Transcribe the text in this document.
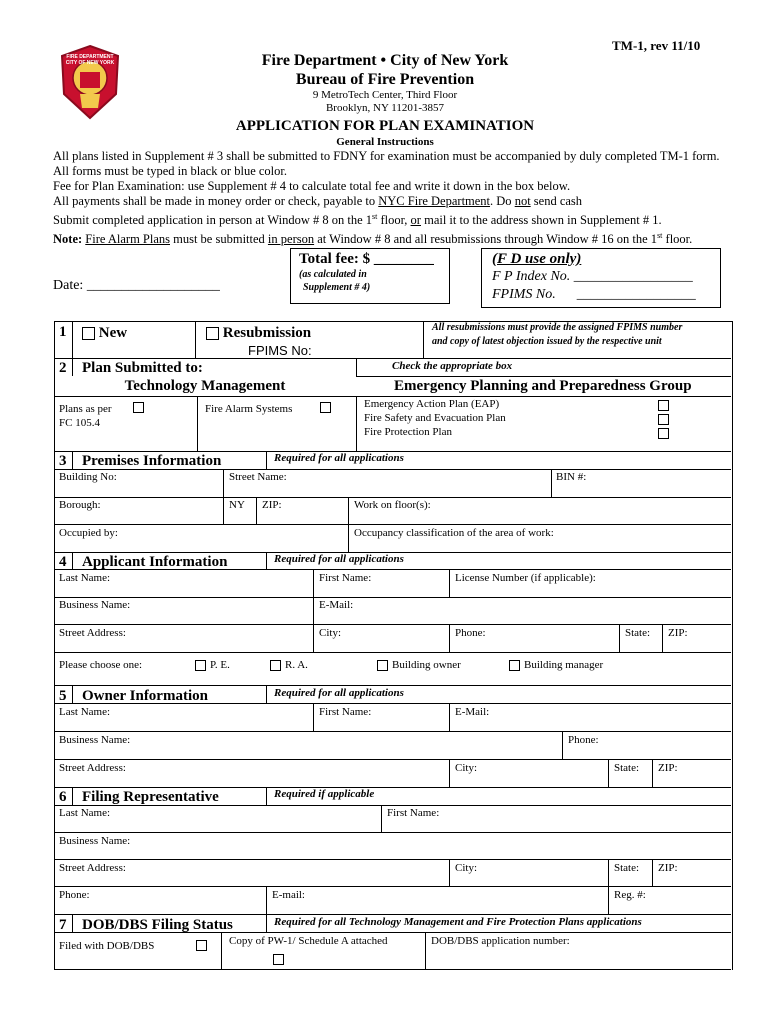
TM-1, rev 11/10
FIRE DEPARTMENT
CITY OF NEW YORK	Fire Department • City of New York
Bureau of Fire Prevention
9 MetroTech Center, Third Floor
Brooklyn, NY 11201-3857
APPLICATION FOR PLAN EXAMINATION
General Instructions
All plans listed in Supplement # 3 shall be submitted to FDNY for examination must be accompanied by duly completed TM-1 form.
All forms must be typed in black or blue color.
Fee for Plan Examination: use Supplement # 4 to calculate total fee and write it down in the box below.
All payments shall be made in money order or check, payable to NYC Fire Department. Do not send cash
Submit completed application in person at Window # 8 on the 1st floor, or mail it to the address shown in Supplement # 1.
Note: Fire Alarm Plans must be submitted in person at Window # 8 and all resubmissions through Window # 16 on the 1st floor.
Date: ___________________
Total fee: $ ________
(as calculated in
Supplement # 4)
(F D use only)
F P Index No. _________________
FPIMS No.      _________________
1	New	Resubmission
FPIMS No:
All resubmissions must provide the assigned FPIMS number
and copy of latest objection issued by the respective unit
2 Plan Submitted to:	Check the appropriate box
Technology Management	Emergency Planning and Preparedness Group
Plans as per
FC 105.4
Fire Alarm Systems	Emergency Action Plan (EAP)
Fire Safety and Evacuation Plan
Fire Protection Plan
3 Premises Information	Required for all applications
Building No:	Street Name:	BIN #:
Borough:	NY ZIP:	Work on floor(s):
Occupied by:	Occupancy classification of the area of work:
4 Applicant Information	Required for all applications
Last Name:	First Name:	License Number (if applicable):
Business Name:	E-Mail:
Street Address:	City:	Phone:	State: ZIP:
Please choose one:	P. E.	R. A.	Building owner	Building manager
5 Owner Information	Required for all applications
Last Name:	First Name:	E-Mail:
Business Name:	Phone:
Street Address:	City:	State: ZIP:
6 Filing Representative	Required if applicable
Last Name:	First Name:
Business Name:
Street Address:	City:	State: ZIP:
Phone:	E-mail:	Reg. #:
7 DOB/DBS Filing Status	Required for all Technology Management and Fire Protection Plans applications
Filed with DOB/DBS	Copy of PW-1/ Schedule A attached	DOB/DBS application number:
